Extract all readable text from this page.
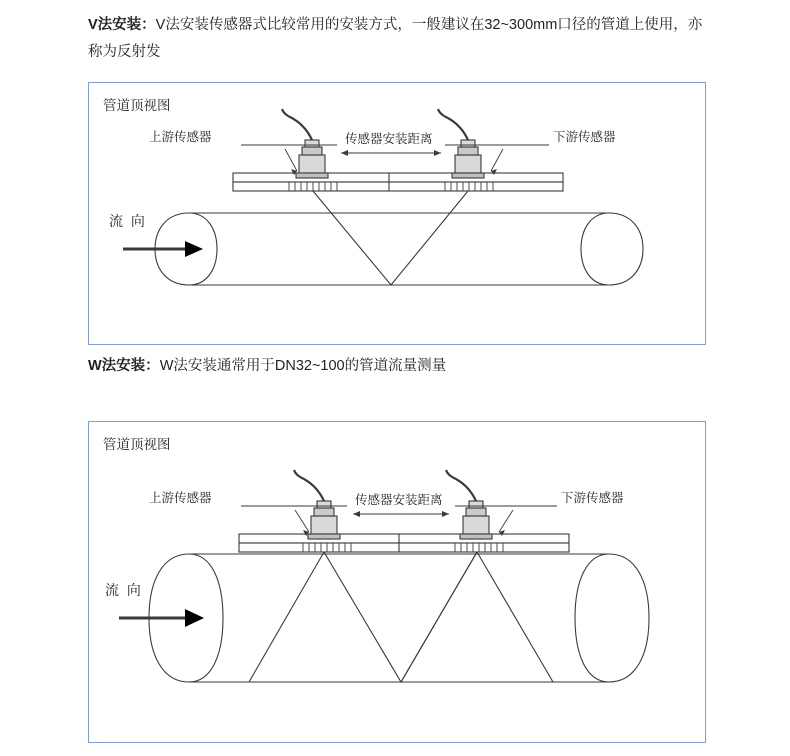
V法安装：V法安装传感器式比较常用的安装方式，一般建议在32~300mm口径的管道上使用，亦称为反射发
管道顶视图
上游传感器	下游传感器
传感器安装距离
流 向
W法安装：W法安装通常用于DN32~100的管道流量测量
管道顶视图
上游传感器	下游传感器
传感器安装距离
流 向
